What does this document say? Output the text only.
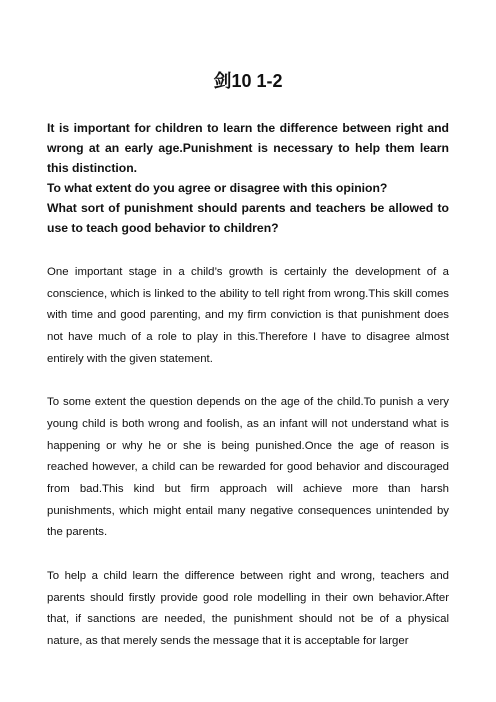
剑10 1-2

It is important for children to learn the difference between right and wrong at an early age.Punishment is necessary to help them learn this distinction.

To what extent do you agree or disagree with this opinion?

What sort of punishment should parents and teachers be allowed to use to teach good behavior to children?

One important stage in a child’s growth is certainly the development of a conscience, which is linked to the ability to tell right from wrong.This skill comes with time and good parenting, and my firm conviction is that punishment does not have much of a role to play in this.Therefore I have to disagree almost entirely with the given statement.

To some extent the question depends on the age of the child.To punish a very young child is both wrong and foolish, as an infant will not understand what is happening or why he or she is being punished.Once the age of reason is reached however, a child can be rewarded for good behavior and discouraged from bad.This kind but firm approach will achieve more than harsh punishments, which might entail many negative consequences unintended by the parents.

To help a child learn the difference between right and wrong, teachers and parents should firstly provide good role modelling in their own behavior.After that, if sanctions are needed, the punishment should not be of a physical nature, as that merely sends the message that it is acceptable for larger
